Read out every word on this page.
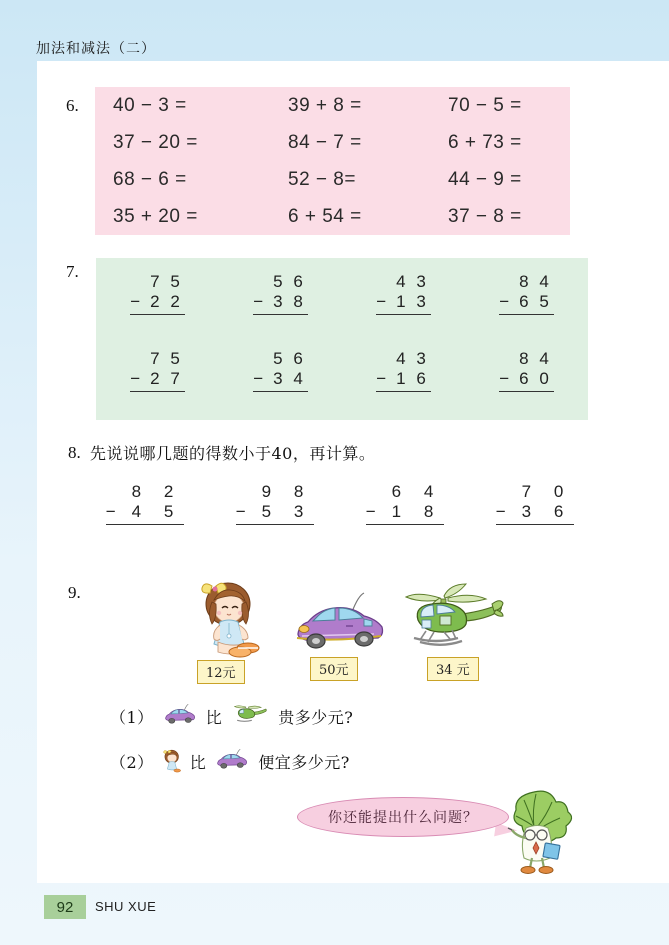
加法和减法（二）
6. 40 − 3 =	39 + 8 =	70 − 5 =
37 − 20 =	84 − 7 =	6 + 73 =
68 − 6 =	52 − 8=	44 − 9 =
35 + 20 =	6 + 54 =	37 − 8 =
7.
7 5
− 2 2
5 6
− 3 8
4 3
− 1 3
8 4
− 6 5
7 5
− 2 7
5 6
− 3 4
4 3
− 1 6
8 4
− 6 0
8. 先说说哪几题的得数小于40，再计算。
8 2
− 4 5
9 8
− 5 3
6 4
− 1 8
7 0
− 3 6
9.
12元	50元	34 元
（1）	比	贵多少元?
（2） 比	便宜多少元?
你还能提出什么问题？
92	SHU XUE
